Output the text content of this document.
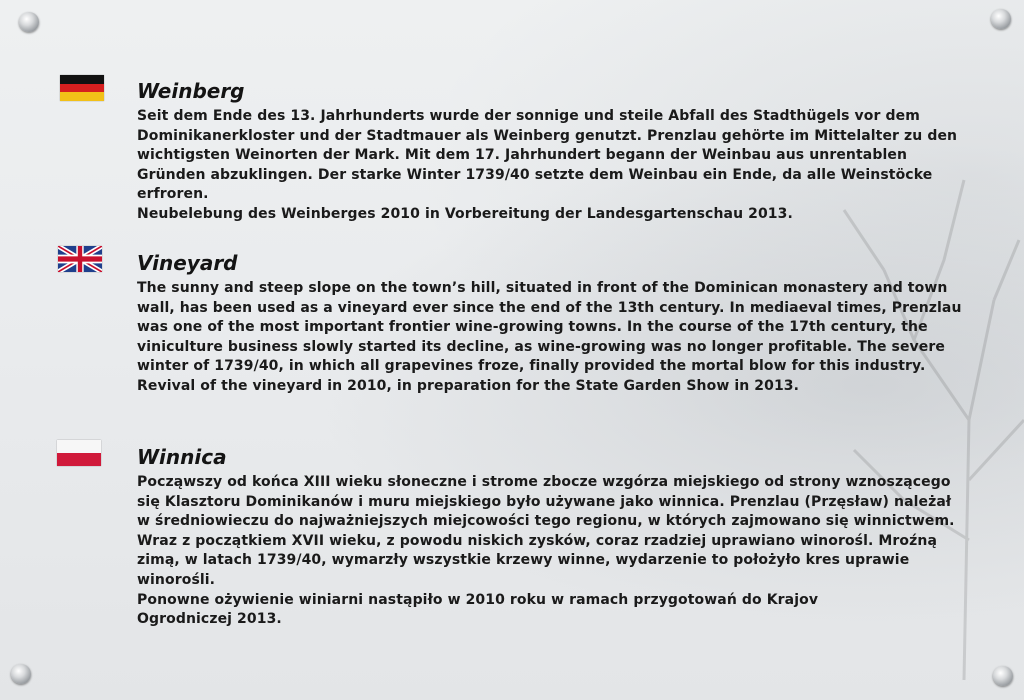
Weinberg

Seit dem Ende des 13. Jahrhunderts wurde der sonnige und steile Abfall des Stadthügels vor dem Dominikanerkloster und der Stadtmauer als Weinberg genutzt. Prenzlau gehörte im Mittelalter zu den wichtigsten Weinorten der Mark. Mit dem 17. Jahrhundert begann der Weinbau aus unrentablen Gründen abzuklingen. Der starke Winter 1739/40 setzte dem Weinbau ein Ende, da alle Weinstöcke erfroren.

Neubelebung des Weinberges 2010 in Vorbereitung der Landesgartenschau 2013.

Vineyard

The sunny and steep slope on the town’s hill, situated in front of the Dominican monastery and town wall, has been used as a vineyard ever since the end of the 13th century. In mediaeval times, Prenzlau was one of the most important frontier wine-growing towns. In the course of the 17th century, the viniculture business slowly started its decline, as wine-growing was no longer profitable. The severe winter of 1739/40, in which all grapevines froze, finally provided the mortal blow for this industry.

Revival of the vineyard in 2010, in preparation for the State Garden Show in 2013.

Winnica

Począwszy od końca XIII wieku słoneczne i strome zbocze wzgórza miejskiego od strony wznoszącego się Klasztoru Dominikanów i muru miejskiego było używane jako winnica. Prenzlau (Przęsław) należał w średniowieczu do najważniejszych miejcowości tego regionu, w których zajmowano się winnictwem. Wraz z początkiem XVII wieku, z powodu niskich zysków, coraz rzadziej uprawiano winorośl. Mroźną zimą, w latach 1739/40, wymarzły wszystkie krzewy winne, wydarzenie to położyło kres uprawie winorośli.

Ponowne ożywienie winiarni nastąpiło w 2010 roku w ramach przygotowań do Krajov

Ogrodniczej 2013.
